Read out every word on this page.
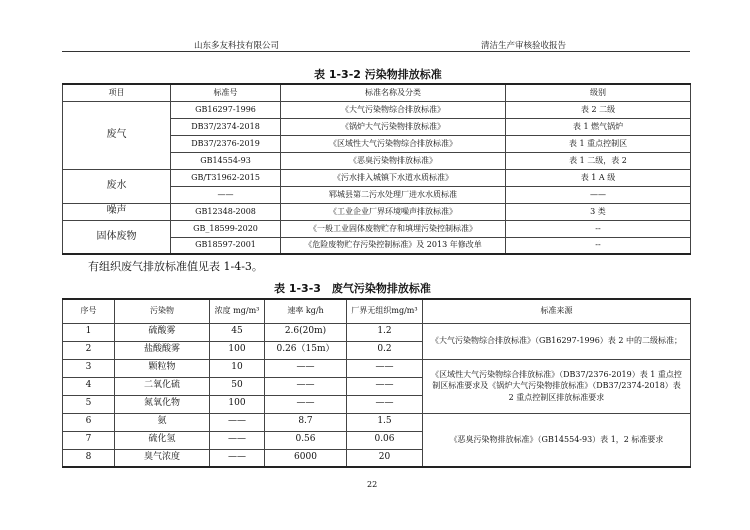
山东多友科技有限公司	清洁生产审核验收报告
表 1-3-2 污染物排放标准
项目	标准号	标准名称及分类	级别
废气	GB16297-1996	《大气污染物综合排放标准》	表 2 二级
	DB37/2374-2018	《锅炉大气污染物排放标准》	表 1 燃气锅炉
	DB37/2376-2019	《区域性大气污染物综合排放标准》	表 1 重点控制区
	GB14554-93	《恶臭污染物排放标准》	表 1 二级，表 2
废水	GB/T31962-2015	《污水排入城镇下水道水质标准》	表 1 A 级
	——	郓城县第二污水处理厂进水水质标准	——
噪声	GB12348-2008	《工业企业厂界环境噪声排放标准》	3 类
固体废物	GB_18599-2020	《一般工业固体废物贮存和填埋污染控制标准》	--
	GB18597-2001	《危险废物贮存污染控制标准》及 2013 年修改单	--
有组织废气排放标准值见表 1-4-3。
表 1-3-3　废气污染物排放标准
序号	污染物	浓度 mg/m³	速率 kg/h	厂界无组织mg/m³	标准来源
1	硫酸雾	45	2.6(20m)	1.2	《大气污染物综合排放标准》（GB16297-1996）表 2 中的二级标准；
2	盐酸酸雾	100	0.26（15m）	0.2	
3	颗粒物	10	——	——	《区域性大气污染物综合排放标准》（DB37/2376-2019）表 1 重点控制区标准要求及《锅炉大气污染物排放标准》（DB37/2374-2018）表 2 重点控制区排放标准要求
4	二氧化硫	50	——	——	
5	氮氧化物	100	——	——	
6	氨	——	8.7	1.5	《恶臭污染物排放标准》（GB14554-93）表 1，2 标准要求
7	硫化氢	——	0.56	0.06	
8	臭气浓度	——	6000	20	
22
